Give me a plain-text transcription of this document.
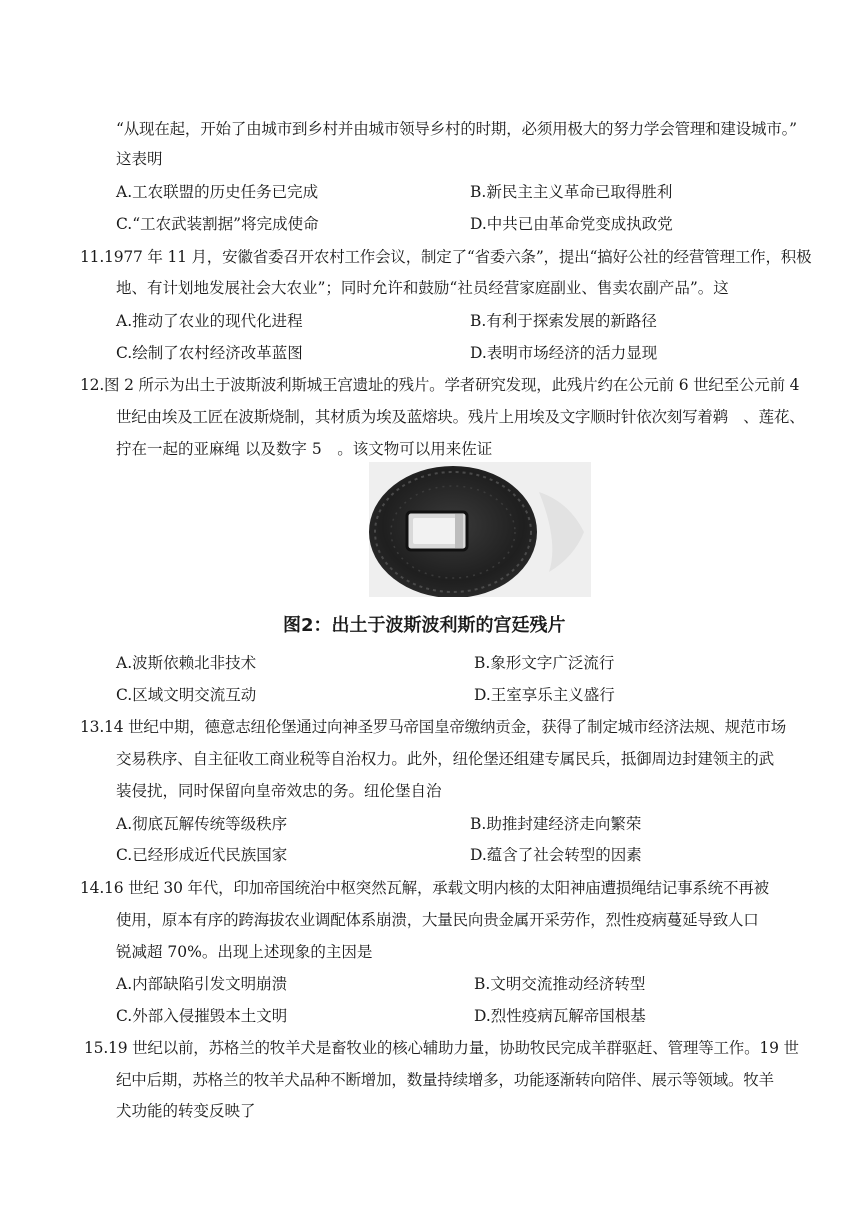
“从现在起，开始了由城市到乡村并由城市领导乡村的时期，必须用极大的努力学会管理和建设城市。”
这表明
A.工农联盟的历史任务已完成	B.新民主主义革命已取得胜利
C.“工农武装割据”将完成使命	D.中共已由革命党变成执政党
11.1977 年 11 月，安徽省委召开农村工作会议，制定了“省委六条”，提出“搞好公社的经营管理工作，积极
地、有计划地发展社会大农业”；同时允许和鼓励“社员经营家庭副业、售卖农副产品”。这
A.推动了农业的现代化进程	B.有利于探索发展的新路径
C.绘制了农村经济改革蓝图	D.表明市场经济的活力显现
12.图 2 所示为出土于波斯波利斯城王宫遗址的残片。学者研究发现，此残片约在公元前 6 世纪至公元前 4
世纪由埃及工匠在波斯烧制，其材质为埃及蓝熔块。残片上用埃及文字顺时针依次刻写着鹈　、莲花、
拧在一起的亚麻绳 以及数字 5　。该文物可以用来佐证
图2：出土于波斯波利斯的宫廷残片
A.波斯依赖北非技术	B.象形文字广泛流行
C.区域文明交流互动	D.王室享乐主义盛行
13.14 世纪中期，德意志纽伦堡通过向神圣罗马帝国皇帝缴纳贡金，获得了制定城市经济法规、规范市场
交易秩序、自主征收工商业税等自治权力。此外，纽伦堡还组建专属民兵，抵御周边封建领主的武
装侵扰，同时保留向皇帝效忠的务。纽伦堡自治
A.彻底瓦解传统等级秩序	B.助推封建经济走向繁荣
C.已经形成近代民族国家	D.蕴含了社会转型的因素
14.16 世纪 30 年代，印加帝国统治中枢突然瓦解，承载文明内核的太阳神庙遭损绳结记事系统不再被
使用，原本有序的跨海拔农业调配体系崩溃，大量民向贵金属开采劳作，烈性疫病蔓延导致人口
锐减超 70%。出现上述现象的主因是
A.内部缺陷引发文明崩溃	B.文明交流推动经济转型
C.外部入侵摧毁本土文明	D.烈性疫病瓦解帝国根基
15.19 世纪以前，苏格兰的牧羊犬是畜牧业的核心辅助力量，协助牧民完成羊群驱赶、管理等工作。19 世
纪中后期，苏格兰的牧羊犬品种不断增加，数量持续增多，功能逐渐转向陪伴、展示等领域。牧羊
犬功能的转变反映了
